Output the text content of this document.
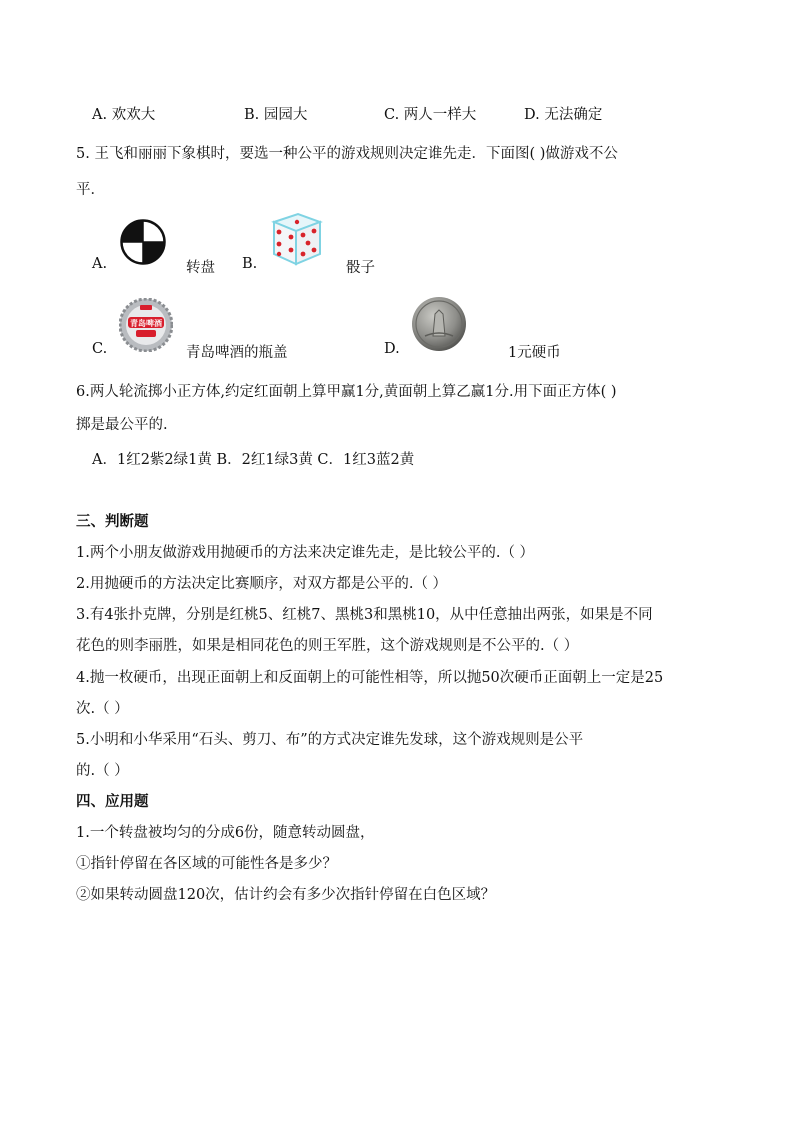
A. 欢欢大	B. 园园大	C. 两人一样大	D. 无法确定
5. 王飞和丽丽下象棋时，要选一种公平的游戏规则决定谁先走．下面图( )做游戏不公
平．
A.	转盘 B.	骰子
C.
青岛啤酒
青岛啤酒的瓶盖	D.	1元硬币
6.两人轮流掷小正方体,约定红面朝上算甲赢1分,黄面朝上算乙赢1分.用下面正方体( )
掷是最公平的.
A．1红2紫2绿1黄 B．2红1绿3黄 C．1红3蓝2黄
三、判断题
1.两个小朋友做游戏用抛硬币的方法来决定谁先走，是比较公平的.（ ）
2.用抛硬币的方法决定比赛顺序，对双方都是公平的.（ ）
3.有4张扑克牌，分别是红桃5、红桃7、黑桃3和黑桃10，从中任意抽出两张，如果是不同
花色的则李丽胜，如果是相同花色的则王军胜，这个游戏规则是不公平的.（ ）
4.抛一枚硬币，出现正面朝上和反面朝上的可能性相等，所以抛50次硬币正面朝上一定是25
次.（ ）
5.小明和小华采用“石头、剪刀、布”的方式决定谁先发球，这个游戏规则是公平
的.（ ）
四、应用题
1.一个转盘被均匀的分成6份，随意转动圆盘，
①指针停留在各区域的可能性各是多少？
②如果转动圆盘120次，估计约会有多少次指针停留在白色区域？
